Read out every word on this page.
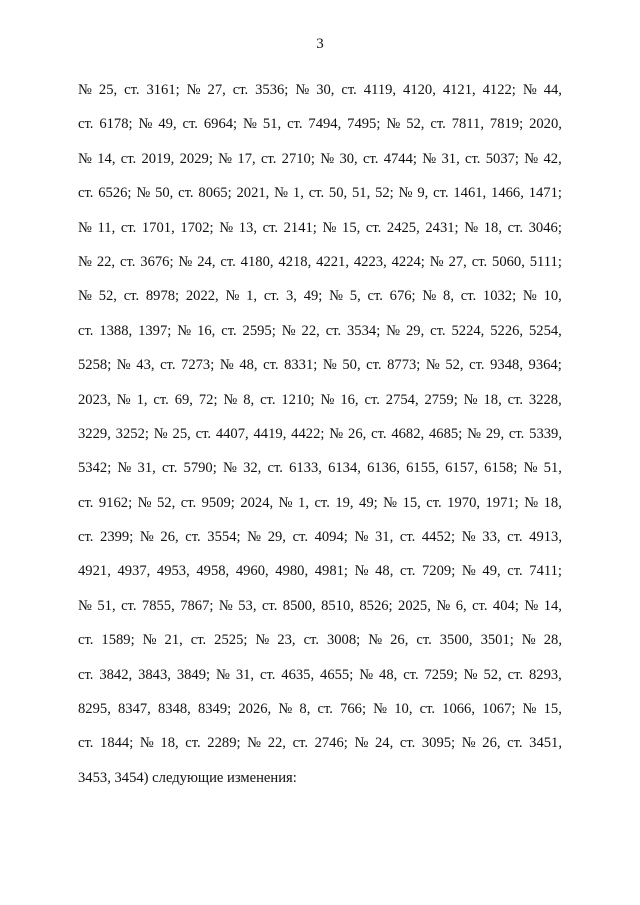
3
№ 25, ст. 3161; № 27, ст. 3536; № 30, ст. 4119, 4120, 4121, 4122; № 44,
ст. 6178; № 49, ст. 6964; № 51, ст. 7494, 7495; № 52, ст. 7811, 7819; 2020,
№ 14, ст. 2019, 2029; № 17, ст. 2710; № 30, ст. 4744; № 31, ст. 5037; № 42,
ст. 6526; № 50, ст. 8065; 2021, № 1, ст. 50, 51, 52; № 9, ст. 1461, 1466, 1471;
№ 11, ст. 1701, 1702; № 13, ст. 2141; № 15, ст. 2425, 2431; № 18, ст. 3046;
№ 22, ст. 3676; № 24, ст. 4180, 4218, 4221, 4223, 4224; № 27, ст. 5060, 5111;
№ 52, ст. 8978; 2022, № 1, ст. 3, 49; № 5, ст. 676; № 8, ст. 1032; № 10,
ст. 1388, 1397; № 16, ст. 2595; № 22, ст. 3534; № 29, ст. 5224, 5226, 5254,
5258; № 43, ст. 7273; № 48, ст. 8331; № 50, ст. 8773; № 52, ст. 9348, 9364;
2023, № 1, ст. 69, 72; № 8, ст. 1210; № 16, ст. 2754, 2759; № 18, ст. 3228,
3229, 3252; № 25, ст. 4407, 4419, 4422; № 26, ст. 4682, 4685; № 29, ст. 5339,
5342; № 31, ст. 5790; № 32, ст. 6133, 6134, 6136, 6155, 6157, 6158; № 51,
ст. 9162; № 52, ст. 9509; 2024, № 1, ст. 19, 49; № 15, ст. 1970, 1971; № 18,
ст. 2399; № 26, ст. 3554; № 29, ст. 4094; № 31, ст. 4452; № 33, ст. 4913,
4921, 4937, 4953, 4958, 4960, 4980, 4981; № 48, ст. 7209; № 49, ст. 7411;
№ 51, ст. 7855, 7867; № 53, ст. 8500, 8510, 8526; 2025, № 6, ст. 404; № 14,
ст. 1589; № 21, ст. 2525; № 23, ст. 3008; № 26, ст. 3500, 3501; № 28,
ст. 3842, 3843, 3849; № 31, ст. 4635, 4655; № 48, ст. 7259; № 52, ст. 8293,
8295, 8347, 8348, 8349; 2026, № 8, ст. 766; № 10, ст. 1066, 1067; № 15,
ст. 1844; № 18, ст. 2289; № 22, ст. 2746; № 24, ст. 3095; № 26, ст. 3451,
3453, 3454) следующие изменения:
